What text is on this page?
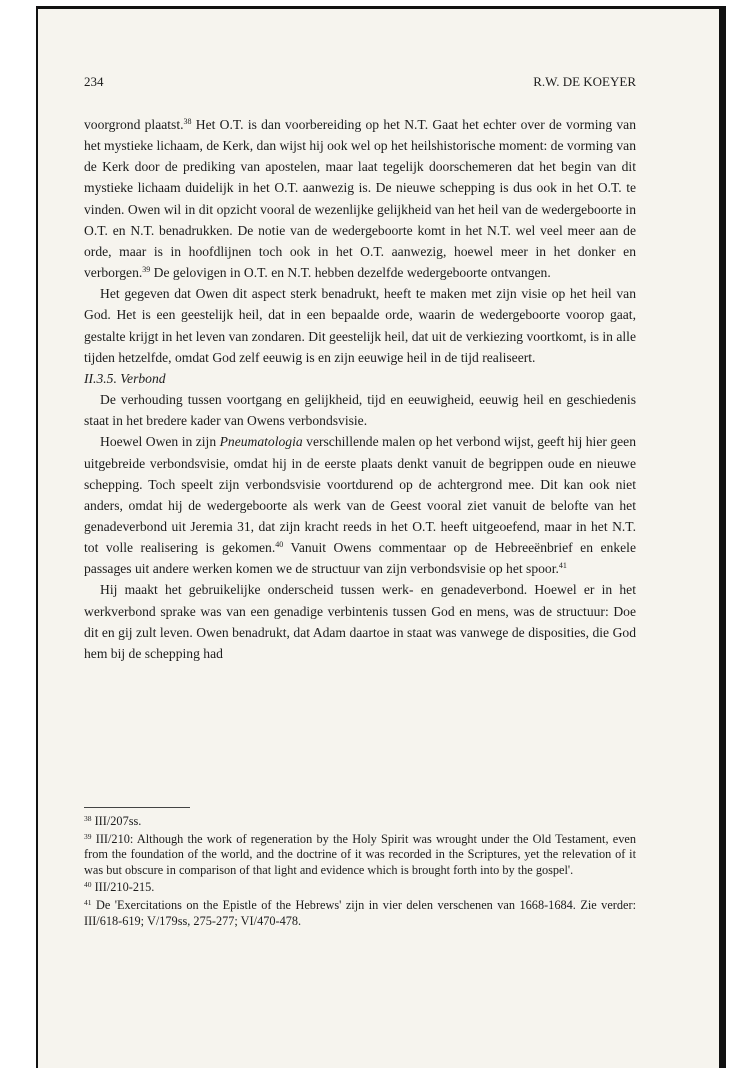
234	R.W. DE KOEYER

voorgrond plaatst.$^{38}$ Het O.T. is dan voorbereiding op het N.T. Gaat het echter over de vorming van het mystieke lichaam, de Kerk, dan wijst hij ook wel op het heilshistorische moment: de vorming van de Kerk door de prediking van apostelen, maar laat tegelijk doorschemeren dat het begin van dit mystieke lichaam duidelijk in het O.T. aanwezig is. De nieuwe schepping is dus ook in het O.T. te vinden. Owen wil in dit opzicht vooral de wezenlijke gelijkheid van het heil van de wedergeboorte in O.T. en N.T. benadrukken. De notie van de wedergeboorte komt in het N.T. wel veel meer aan de orde, maar is in hoofdlijnen toch ook in het O.T. aanwezig, hoewel meer in het donker en verborgen.$^{39}$ De gelovigen in O.T. en N.T. hebben dezelfde wedergeboorte ontvangen.

Het gegeven dat Owen dit aspect sterk benadrukt, heeft te maken met zijn visie op het heil van God. Het is een geestelijk heil, dat in een bepaalde orde, waarin de wedergeboorte voorop gaat, gestalte krijgt in het leven van zondaren. Dit geestelijk heil, dat uit de verkiezing voortkomt, is in alle tijden hetzelfde, omdat God zelf eeuwig is en zijn eeuwige heil in de tijd realiseert.

II.3.5. Verbond

De verhouding tussen voortgang en gelijkheid, tijd en eeuwigheid, eeuwig heil en geschiedenis staat in het bredere kader van Owens verbondsvisie.

Hoewel Owen in zijn Pneumatologia verschillende malen op het verbond wijst, geeft hij hier geen uitgebreide verbondsvisie, omdat hij in de eerste plaats denkt vanuit de begrippen oude en nieuwe schepping. Toch speelt zijn verbondsvisie voortdurend op de achtergrond mee. Dit kan ook niet anders, omdat hij de wedergeboorte als werk van de Geest vooral ziet vanuit de belofte van het genadeverbond uit Jeremia 31, dat zijn kracht reeds in het O.T. heeft uitgeoefend, maar in het N.T. tot volle realisering is gekomen.$^{40}$ Vanuit Owens commentaar op de Hebreeënbrief en enkele passages uit andere werken komen we de structuur van zijn verbondsvisie op het spoor.$^{41}$

Hij maakt het gebruikelijke onderscheid tussen werk- en genadeverbond. Hoewel er in het werkverbond sprake was van een genadige verbintenis tussen God en mens, was de structuur: Doe dit en gij zult leven. Owen benadrukt, dat Adam daartoe in staat was vanwege de disposities, die God hem bij de schepping had

$^{38}$ III/207ss.

$^{39}$ III/210: Although the work of regeneration by the Holy Spirit was wrought under the Old Testament, even from the foundation of the world, and the doctrine of it was recorded in the Scriptures, yet the relevation of it was but obscure in comparison of that light and evidence which is brought forth into by the gospel'.

$^{40}$ III/210-215.

$^{41}$ De 'Exercitations on the Epistle of the Hebrews' zijn in vier delen verschenen van 1668-1684. Zie verder: III/618-619; V/179ss, 275-277; VI/470-478.
